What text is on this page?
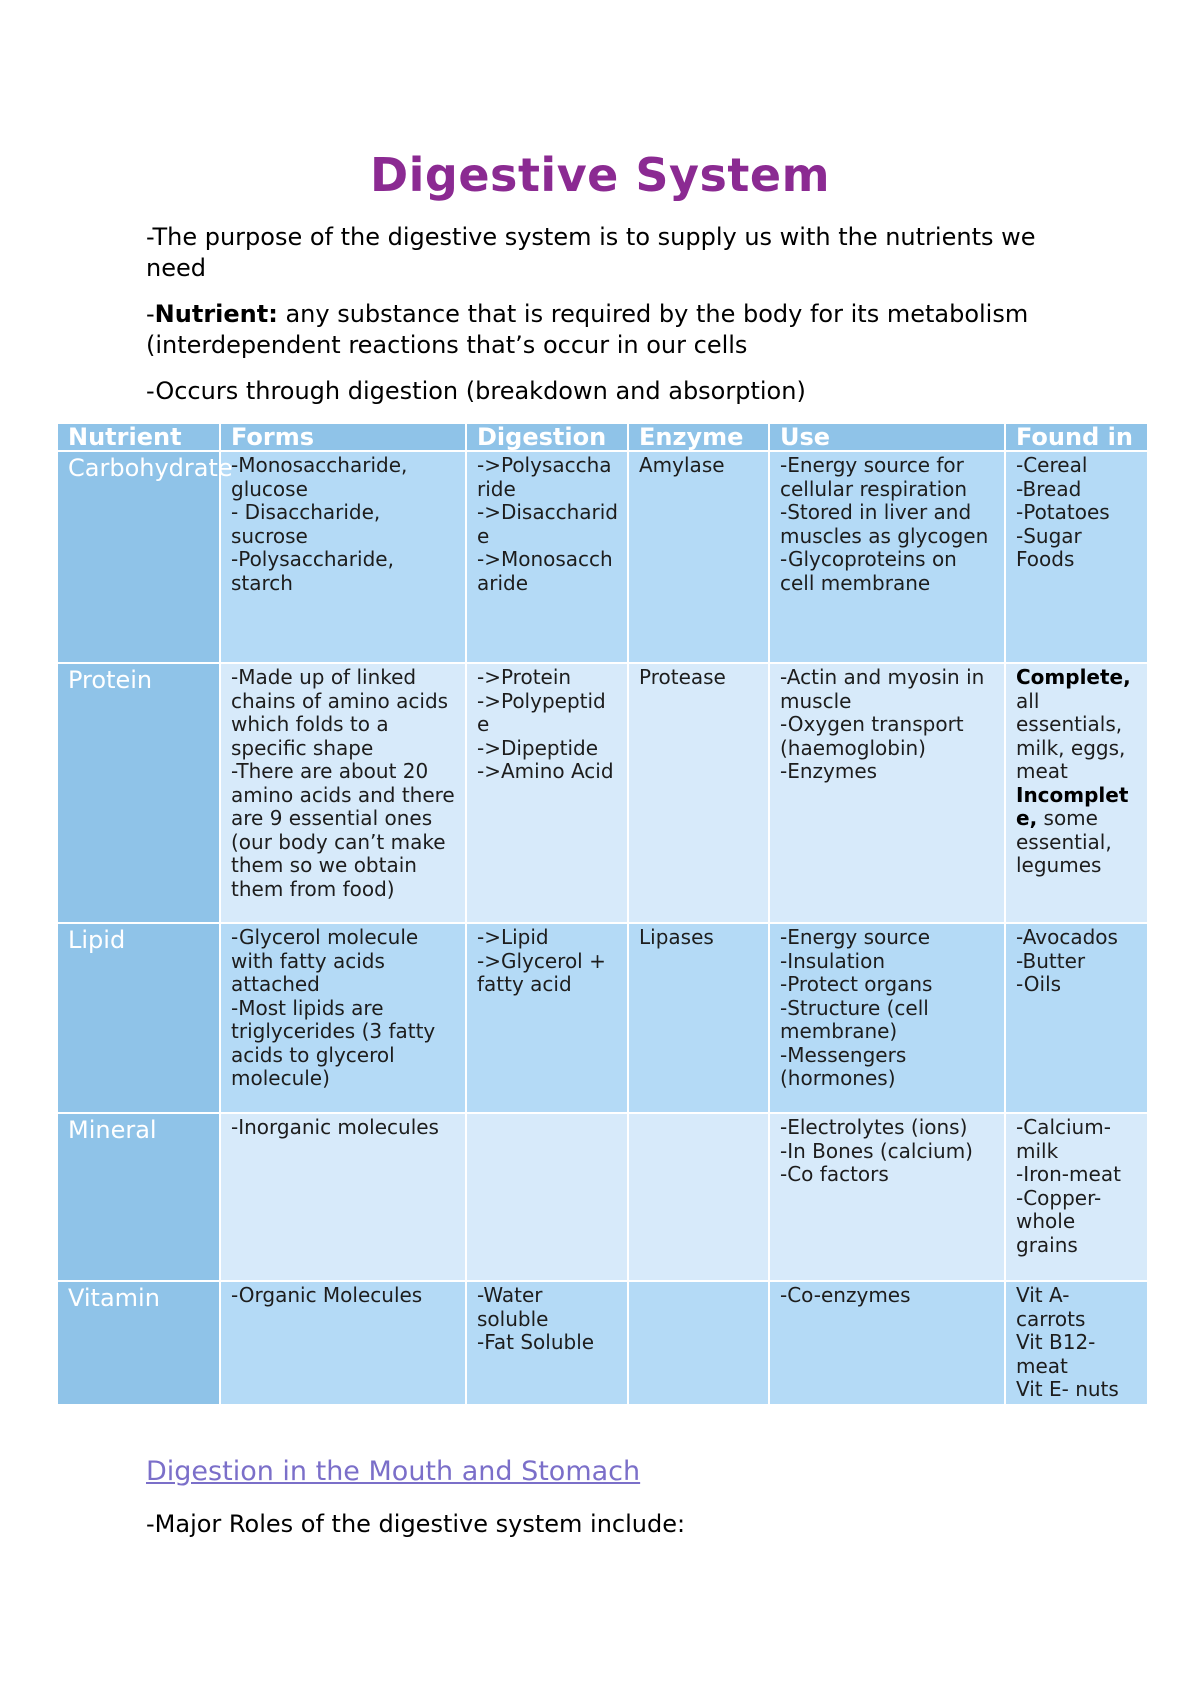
Digestive System
-The purpose of the digestive system is to supply us with the nutrients we need
-Nutrient: any substance that is required by the body for its metabolism (interdependent reactions that’s occur in our cells
-Occurs through digestion (breakdown and absorption)
Nutrient	Forms	Digestion	Enzyme	Use	Found in
Carbohydrate	-Monosaccharide, glucose
- Disaccharide, sucrose
-Polysaccharide, starch	->Polysaccharide
->Disaccharide
->Monosaccharide	Amylase	-Energy source for cellular respiration
-Stored in liver and muscles as glycogen
-Glycoproteins on cell membrane	-Cereal
-Bread
-Potatoes
-Sugar Foods

Protein	-Made up of linked chains of amino acids which folds to a specific shape
-There are about 20 amino acids and there are 9 essential ones (our body can’t make them so we obtain them from food)	->Protein
->Polypeptide
->Dipeptide
->Amino Acid	Protease	-Actin and myosin in muscle
-Oxygen transport (haemoglobin)
-Enzymes	Complete, all essentials, milk, eggs, meat
Incomplete, some essential, legumes

Lipid	-Glycerol molecule with fatty acids attached
-Most lipids are triglycerides (3 fatty acids to glycerol molecule)	->Lipid
->Glycerol + fatty acid	Lipases	-Energy source
-Insulation
-Protect organs
-Structure (cell membrane)
-Messengers (hormones)	-Avocados
-Butter
-Oils

Mineral	-Inorganic molecules			-Electrolytes (ions)
-In Bones (calcium)
-Co factors	-Calcium-milk
-Iron-meat
-Copper-whole grains

Vitamin	-Organic Molecules	-Water soluble
-Fat Soluble		-Co-enzymes	Vit A- carrots
Vit B12- meat
Vit E- nuts
Digestion in the Mouth and Stomach
-Major Roles of the digestive system include:
